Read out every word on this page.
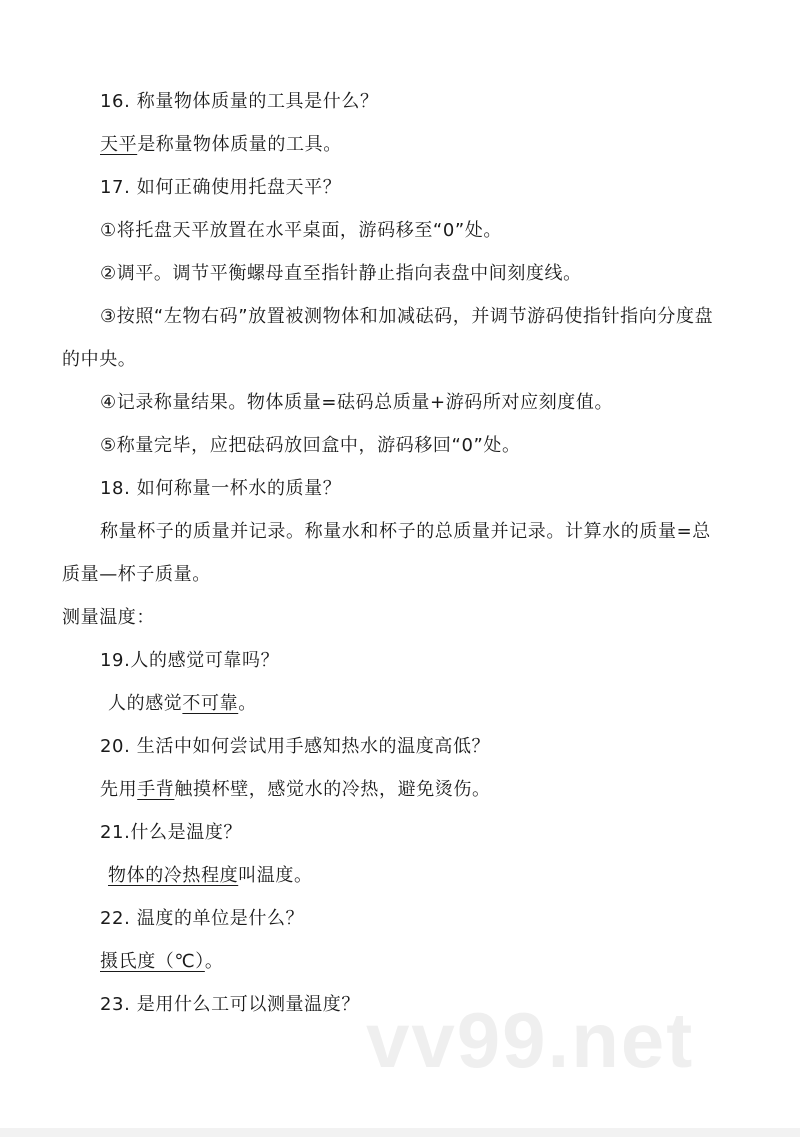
16. 称量物体质量的工具是什么？
天平是称量物体质量的工具。
17. 如何正确使用托盘天平？
①将托盘天平放置在水平桌面，游码移至“0”处。
②调平。调节平衡螺母直至指针静止指向表盘中间刻度线。
③按照“左物右码”放置被测物体和加减砝码，并调节游码使指针指向分度盘
的中央。
④记录称量结果。物体质量=砝码总质量+游码所对应刻度值。
⑤称量完毕，应把砝码放回盒中，游码移回“0”处。
18. 如何称量一杯水的质量？
称量杯子的质量并记录。称量水和杯子的总质量并记录。计算水的质量=总
质量—杯子质量。
测量温度：
19.人的感觉可靠吗？
人的感觉不可靠。
20. 生活中如何尝试用手感知热水的温度高低？
先用手背触摸杯壁，感觉水的冷热，避免烫伤。
21.什么是温度？
物体的冷热程度叫温度。
22. 温度的单位是什么？
摄氏度（℃）。
23. 是用什么工可以测量温度？ vv99.net
